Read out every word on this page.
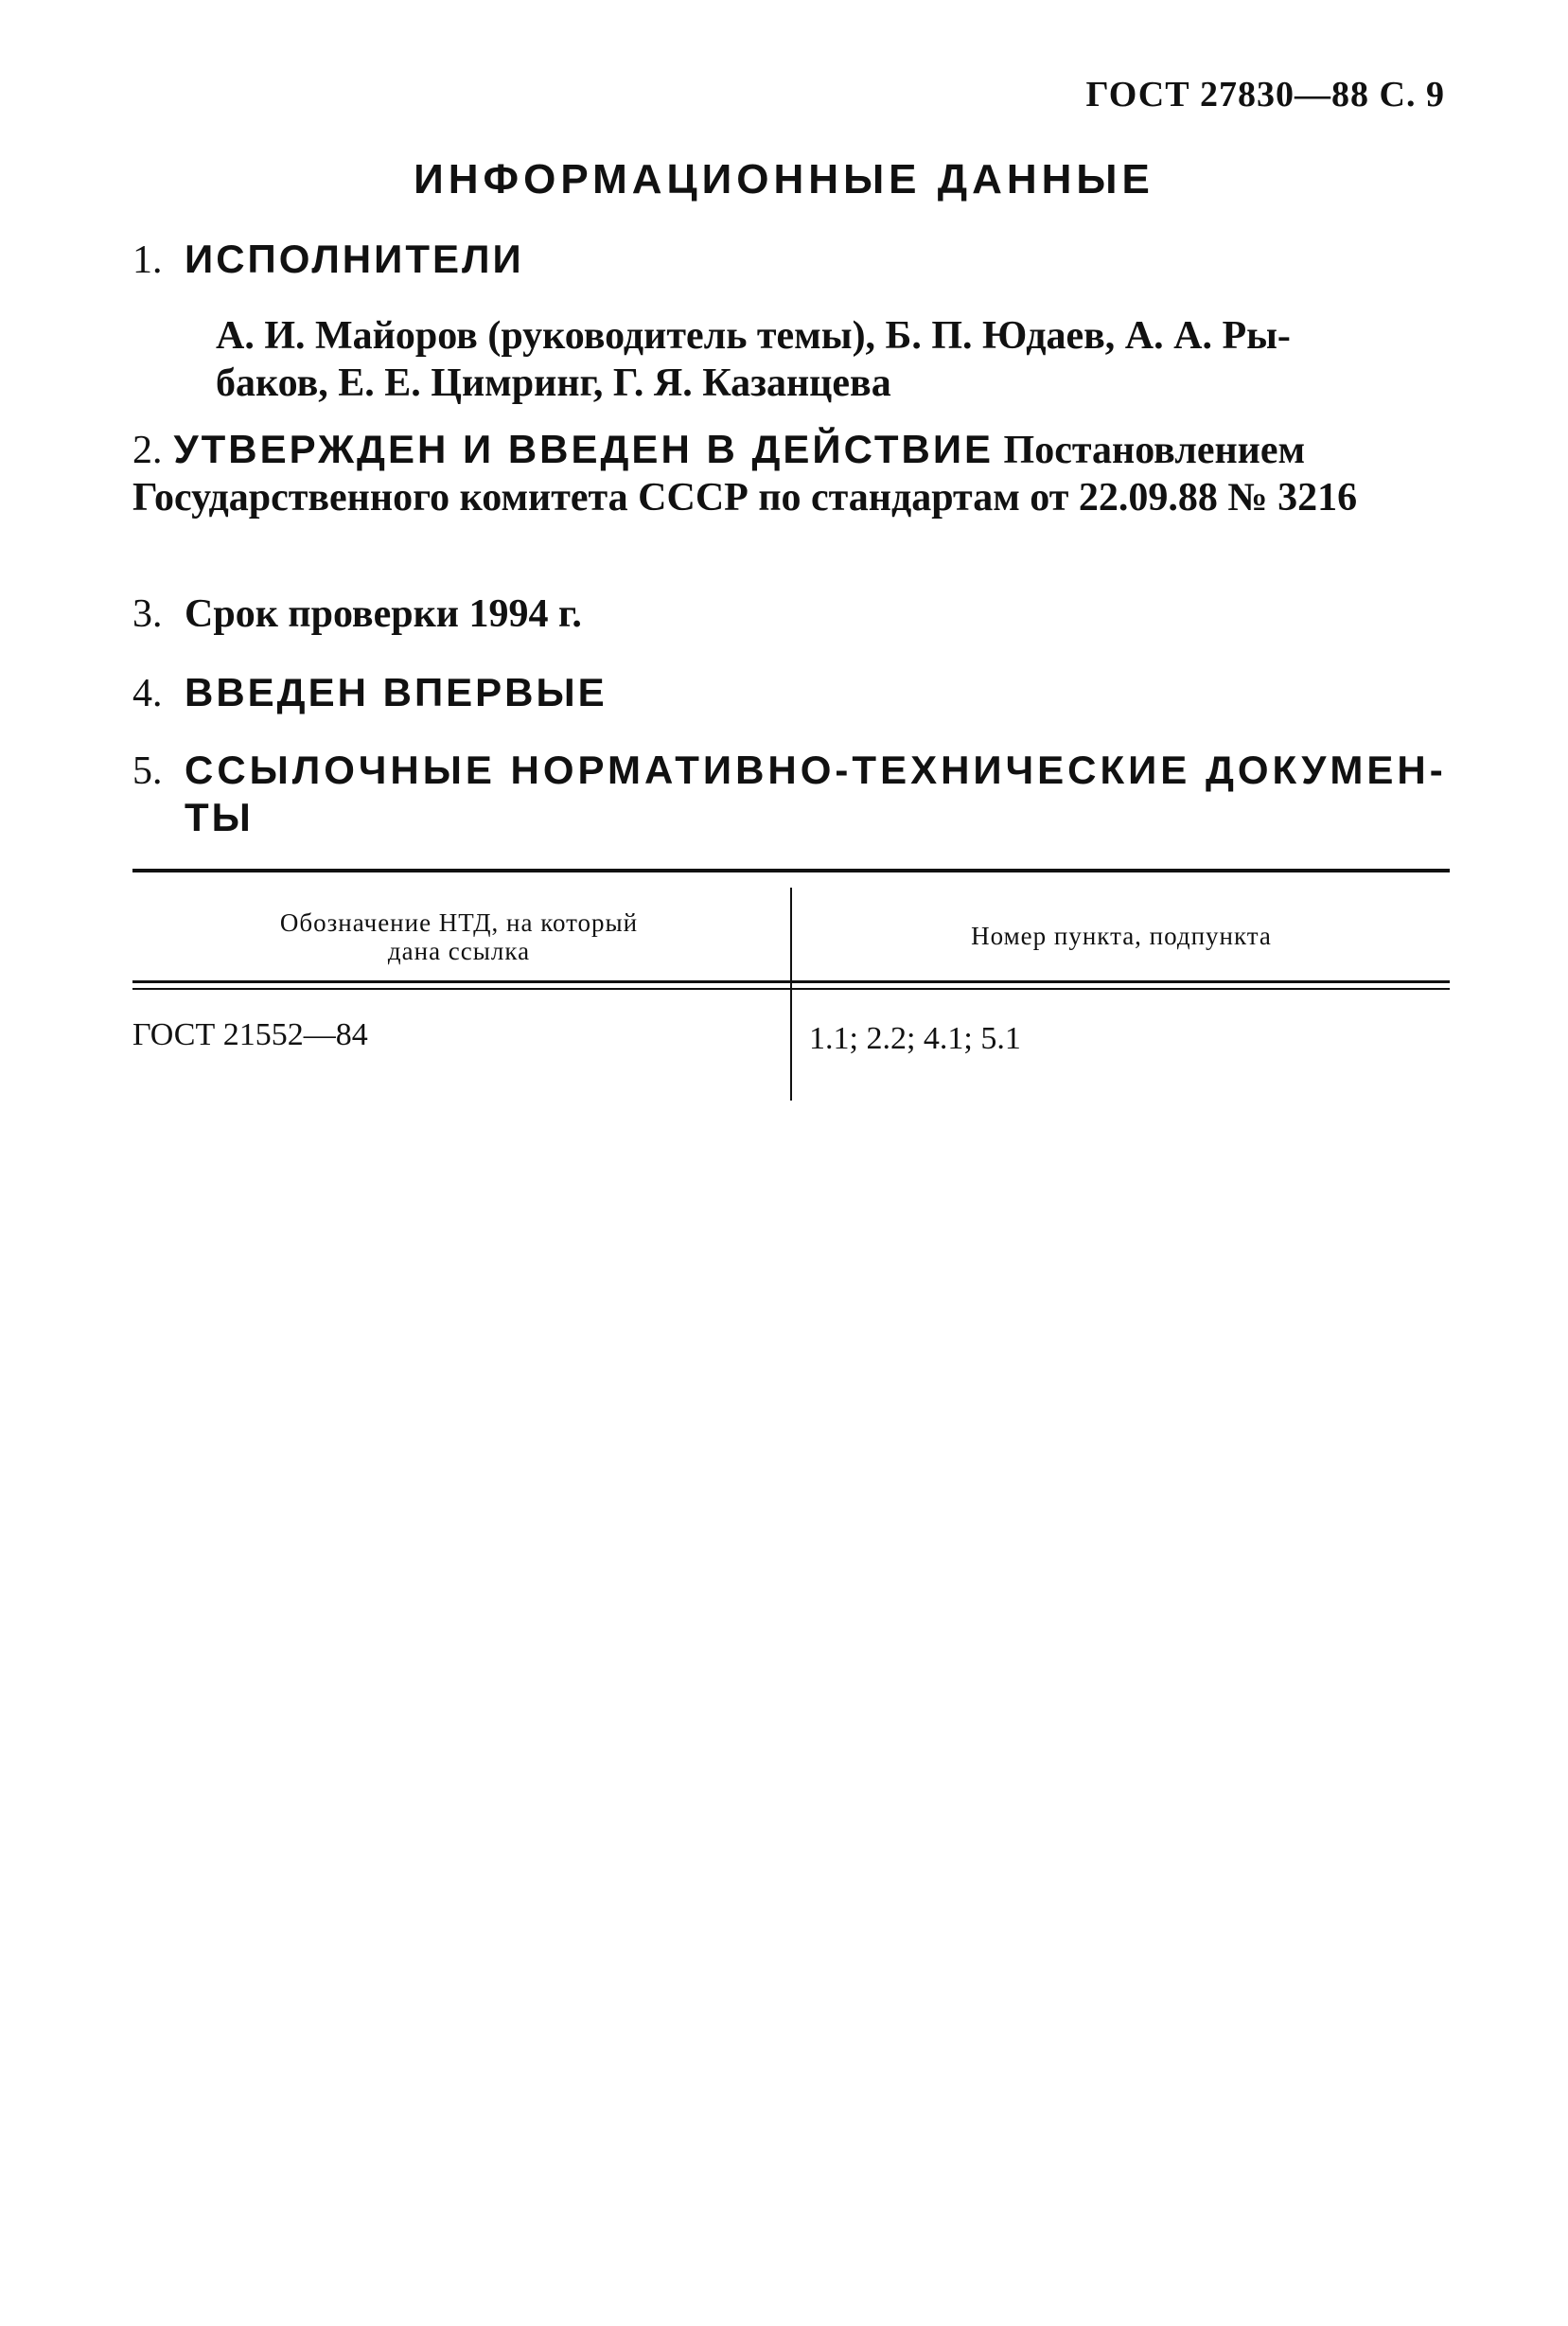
ГОСТ 27830—88 С. 9
ИНФОРМАЦИОННЫЕ ДАННЫЕ
1. ИСПОЛНИТЕЛИ
А. И. Майоров (руководитель темы), Б. П. Юдаев, А. А. Ры-
баков, Е. Е. Цимринг, Г. Я. Казанцева
2. УТВЕРЖДЕН И ВВЕДЕН В ДЕЙСТВИЕ Постановлением Государственного комитета СССР по стандартам от 22.09.88 № 3216
3. Срок проверки 1994 г.
4. ВВЕДЕН ВПЕРВЫЕ
5. ССЫЛОЧНЫЕ НОРМАТИВНО-ТЕХНИЧЕСКИЕ ДОКУМЕН-
ТЫ
Обозначение НТД, на который
дана ссылка
Номер пункта, подпункта
ГОСТ 21552—84	1.1; 2.2; 4.1; 5.1
